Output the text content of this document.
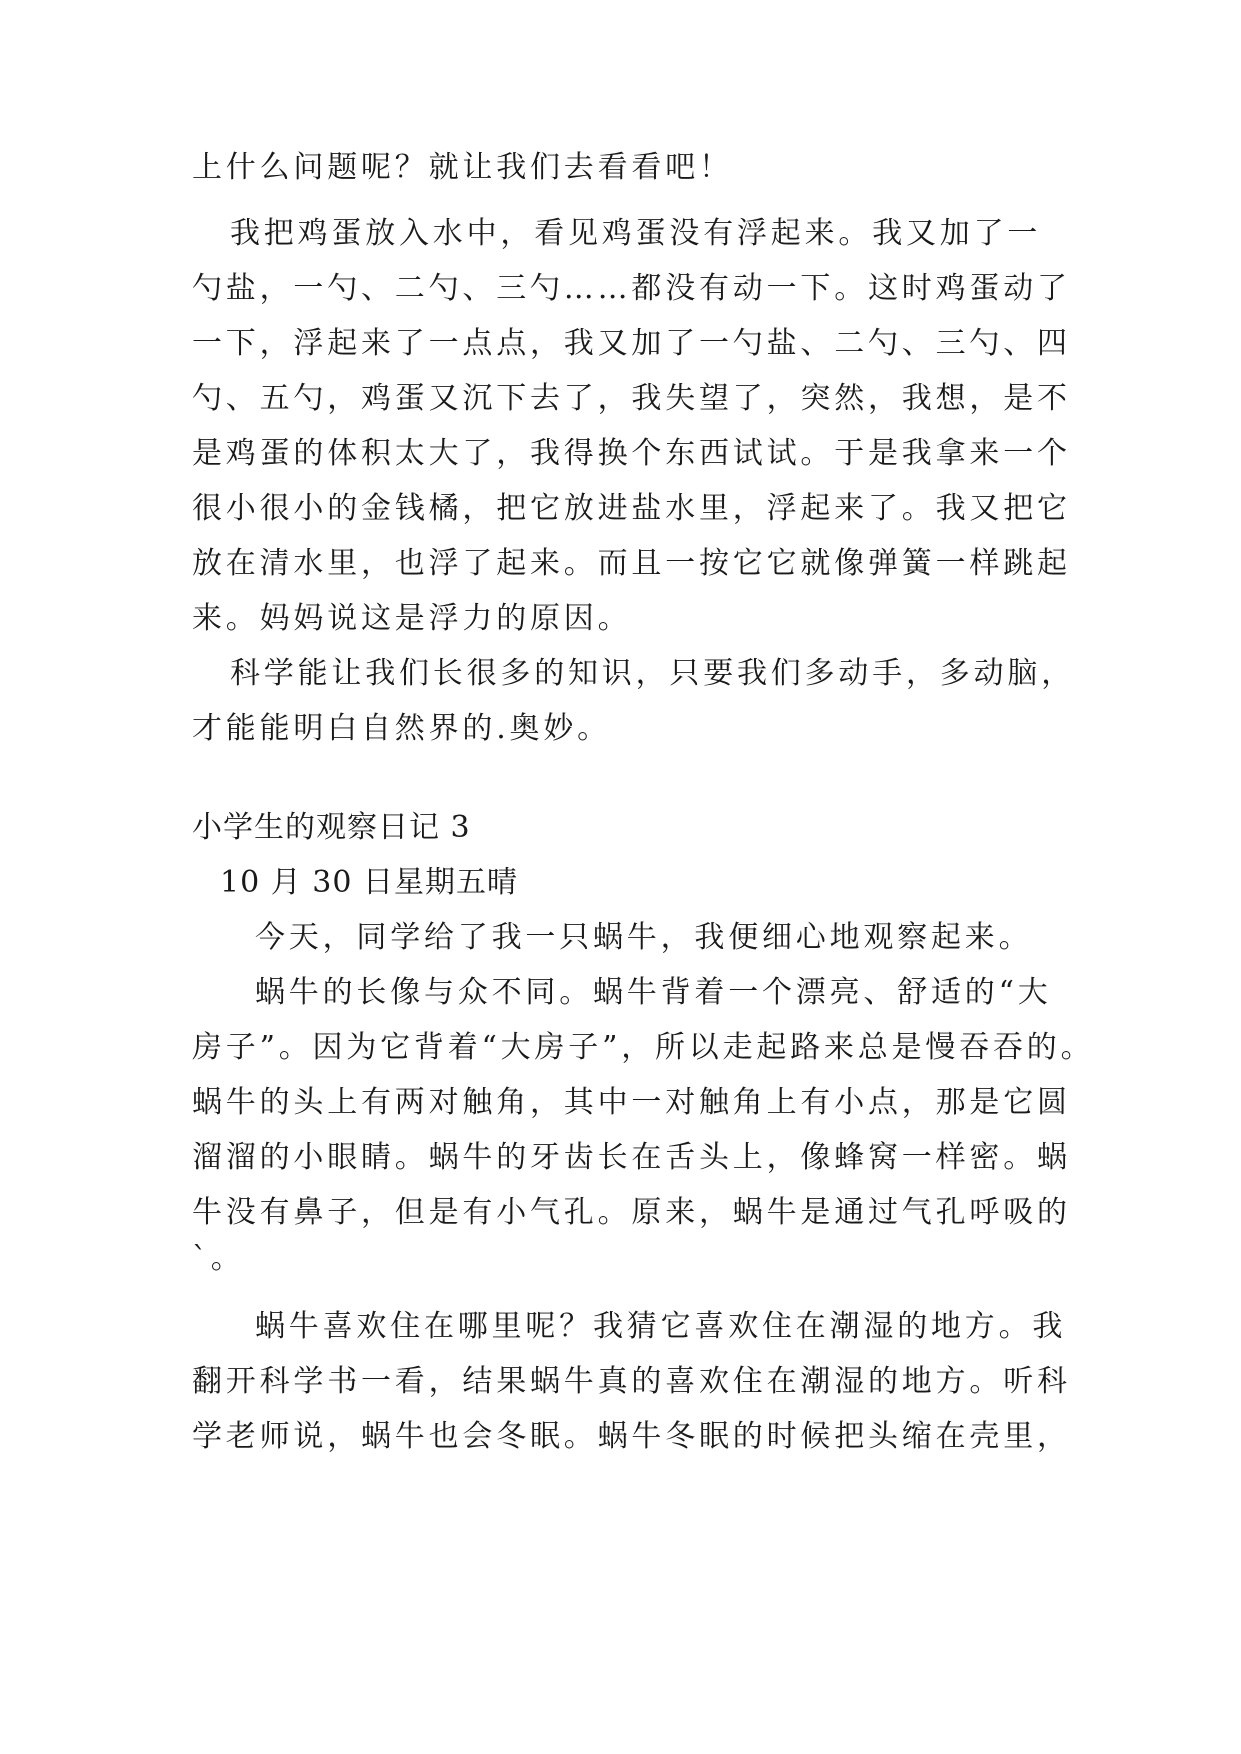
上什么问题呢？就让我们去看看吧！
我把鸡蛋放入水中，看见鸡蛋没有浮起来。我又加了一
勺盐，一勺、二勺、三勺……都没有动一下。这时鸡蛋动了
一下，浮起来了一点点，我又加了一勺盐、二勺、三勺、四
勺、五勺，鸡蛋又沉下去了，我失望了，突然，我想，是不
是鸡蛋的体积太大了，我得换个东西试试。于是我拿来一个
很小很小的金钱橘，把它放进盐水里，浮起来了。我又把它
放在清水里，也浮了起来。而且一按它它就像弹簧一样跳起
来。妈妈说这是浮力的原因。
科学能让我们长很多的知识，只要我们多动手，多动脑，
才能能明白自然界的.奥妙。
小学生的观察日记 3
10 月 30 日星期五晴
今天，同学给了我一只蜗牛，我便细心地观察起来。
蜗牛的长像与众不同。蜗牛背着一个漂亮、舒适的“大
房子”。因为它背着“大房子”，所以走起路来总是慢吞吞的。
蜗牛的头上有两对触角，其中一对触角上有小点，那是它圆
溜溜的小眼睛。蜗牛的牙齿长在舌头上，像蜂窝一样密。蜗
牛没有鼻子，但是有小气孔。原来，蜗牛是通过气孔呼吸的
`。
蜗牛喜欢住在哪里呢？我猜它喜欢住在潮湿的地方。我
翻开科学书一看，结果蜗牛真的喜欢住在潮湿的地方。听科
学老师说，蜗牛也会冬眠。蜗牛冬眠的时候把头缩在壳里，
